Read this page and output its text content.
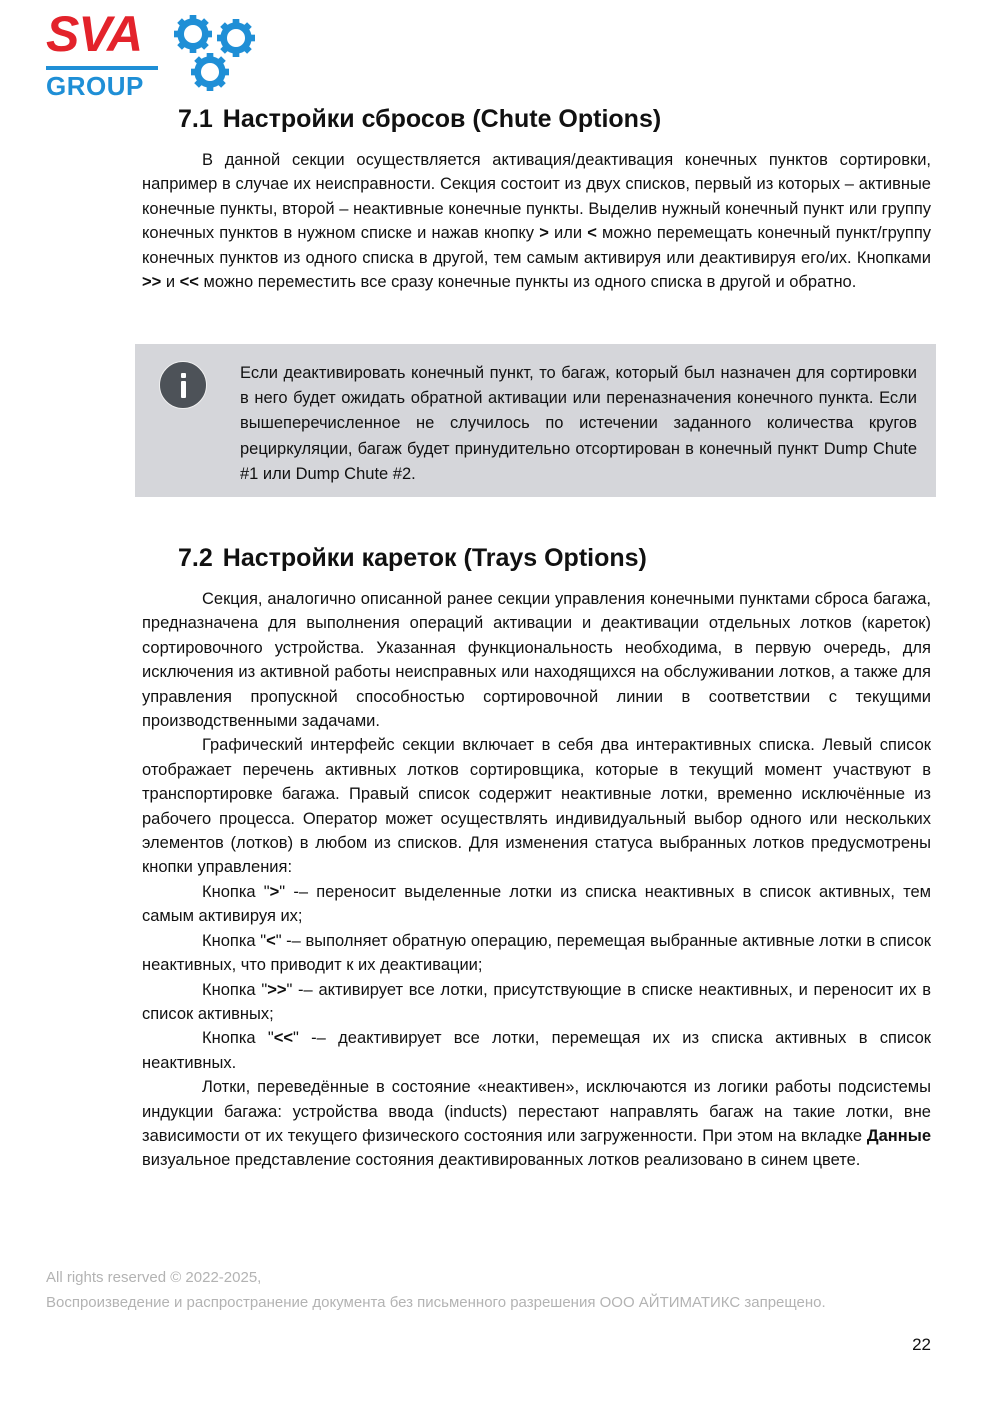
SVA
GROUP
7.1 Настройки сбросов (Chute Options)

В данной секции осуществляется активация/деактивация конечных пунктов сортировки, например в случае их неисправности. Секция состоит из двух списков, первый из которых – активные конечные пункты, второй – неактивные конечные пункты. Выделив нужный конечный пункт или группу конечных пунктов в нужном списке и нажав кнопку > или < можно перемещать конечный пункт/группу конечных пунктов из одного списка в другой, тем самым активируя или деактивируя его/их. Кнопками >> и << можно переместить все сразу конечные пункты из одного списка в другой и обратно.

Если деактивировать конечный пункт, то багаж, который был назначен для сортировки в него будет ожидать обратной активации или переназначения конечного пункта. Если вышеперечисленное не случилось по истечении заданного количества кругов рециркуляции, багаж будет принудительно отсортирован в конечный пункт Dump Chute #1 или Dump Chute #2.
7.2 Настройки кареток (Trays Options)

Секция, аналогично описанной ранее секции управления конечными пунктами сброса багажа, предназначена для выполнения операций активации и деактивации отдельных лотков (кареток) сортировочного устройства. Указанная функциональность необходима, в первую очередь, для исключения из активной работы неисправных или находящихся на обслуживании лотков, а также для управления пропускной способностью сортировочной линии в соответствии с текущими производственными задачами.

Графический интерфейс секции включает в себя два интерактивных списка. Левый список отображает перечень активных лотков сортировщика, которые в текущий момент участвуют в транспортировке багажа. Правый список содержит неактивные лотки, временно исключённые из рабочего процесса. Оператор может осуществлять индивидуальный выбор одного или нескольких элементов (лотков) в любом из списков. Для изменения статуса выбранных лотков предусмотрены кнопки управления:

Кнопка ">" -– переносит выделенные лотки из списка неактивных в список активных, тем самым активируя их;

Кнопка "<" -– выполняет обратную операцию, перемещая выбранные активные лотки в список неактивных, что приводит к их деактивации;

Кнопка ">>" -– активирует все лотки, присутствующие в списке неактивных, и переносит их в список активных;

Кнопка "<<" -– деактивирует все лотки, перемещая их из списка активных в список неактивных.

Лотки, переведённые в состояние «неактивен», исключаются из логики работы подсистемы индукции багажа: устройства ввода (inducts) перестают направлять багаж на такие лотки, вне зависимости от их текущего физического состояния или загруженности. При этом на вкладке Данные визуальное представление состояния деактивированных лотков реализовано в синем цвете.

All rights reserved © 2022-2025,
Воспроизведение и распространение документа без письменного разрешения ООО АЙТИМАТИКС запрещено.
22
